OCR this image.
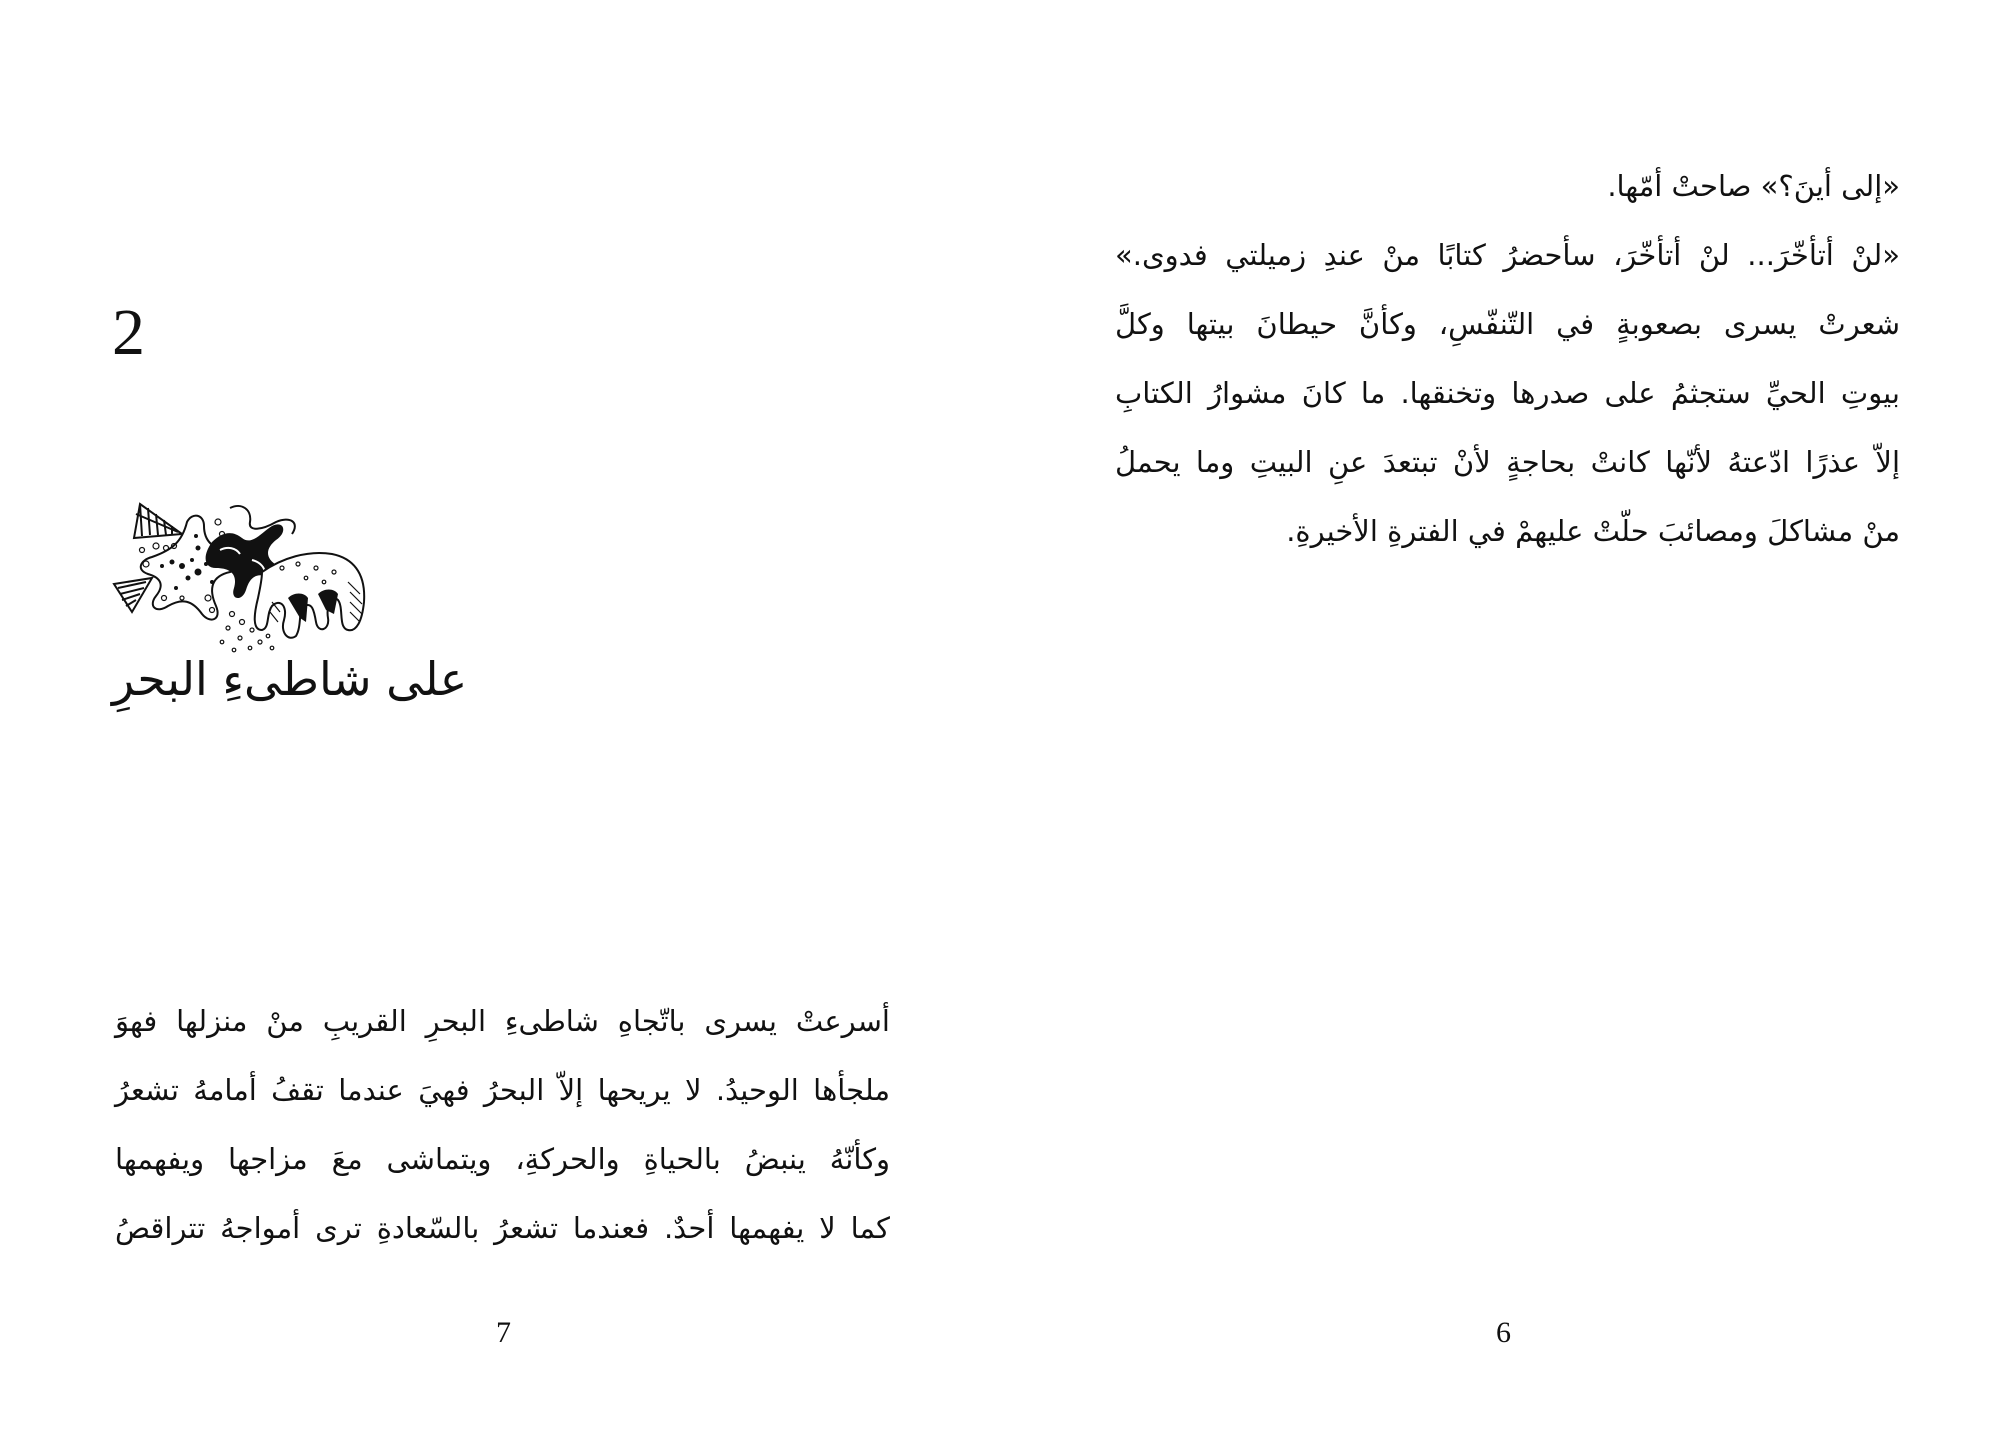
2
على شاطىءِ البحرِ
أسرعتْ يسرى باتّجاهِ شاطىءِ البحرِ القريبِ منْ منزلها فهوَ
ملجأها الوحيدُ. لا يريحها إلاّ البحرُ فهيَ عندما تقفُ أمامهُ تشعرُ
وكأنّهُ ينبضُ بالحياةِ والحركةِ، ويتماشى معَ مزاجها ويفهمها
كما لا يفهمها أحدٌ. فعندما تشعرُ بالسّعادةِ ترى أمواجهُ تتراقصُ
7
«إلى أينَ؟» صاحتْ أمّها.
«لنْ أتأخّرَ... لنْ أتأخّرَ، سأحضرُ كتابًا منْ عندِ زميلتي فدوى.»
شعرتْ يسرى بصعوبةٍ في التّنفّسِ، وكأنَّ حيطانَ بيتها وكلَّ
بيوتِ الحيِّ ستجثمُ على صدرها وتخنقها. ما كانَ مشوارُ الكتابِ
إلاّ عذرًا ادّعتهُ لأنّها كانتْ بحاجةٍ لأنْ تبتعدَ عنِ البيتِ وما يحملُ
منْ مشاكلَ ومصائبَ حلّتْ عليهمْ في الفترةِ الأخيرةِ.
6
